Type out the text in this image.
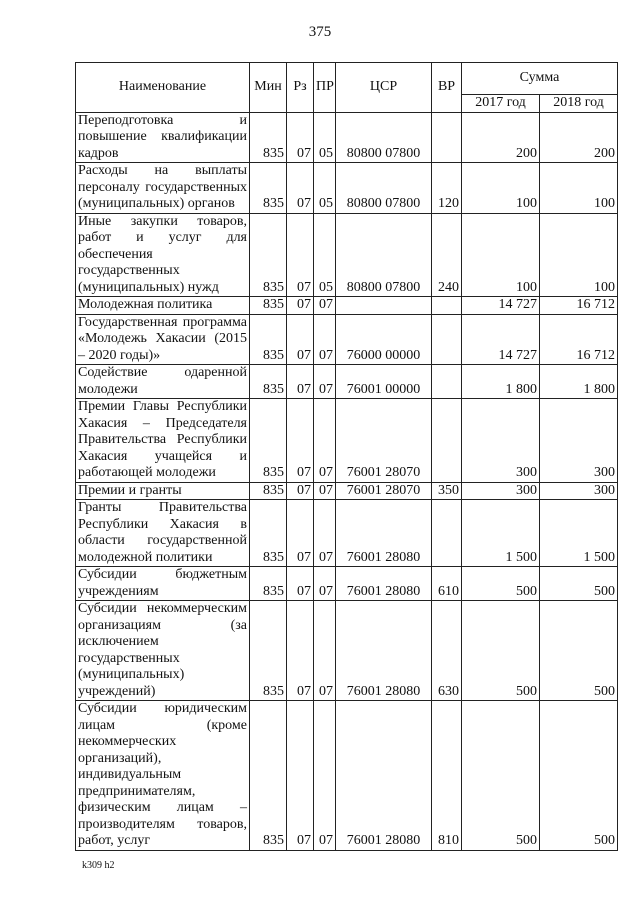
375
Наименование	Мин	Рз	ПР	ЦСР	ВР	Сумма	
						2017 год	2018 год
Переподготовка и повышение квалификации кадров	835	07	05	80800 07800		200	200
Расходы на выплаты персоналу государственных (муниципальных) органов	835	07	05	80800 07800	120	100	100
Иные закупки товаров, работ и услуг для обеспечения государственных (муниципальных) нужд	835	07	05	80800 07800	240	100	100
Молодежная политика	835	07	07			14 727	16 712
Государственная программа «Молодежь Хакасии (2015 – 2020 годы)»	835	07	07	76000 00000		14 727	16 712
Содействие одаренной молодежи	835	07	07	76001 00000		1 800	1 800
Премии Главы Республики Хакасия – Председателя Правительства Республики Хакасия учащейся и работающей молодежи	835	07	07	76001 28070		300	300
Премии и гранты	835	07	07	76001 28070	350	300	300
Гранты Правительства Республики Хакасия в области государственной молодежной политики	835	07	07	76001 28080		1 500	1 500
Субсидии бюджетным учреждениям	835	07	07	76001 28080	610	500	500
Субсидии некоммерческим организациям (за исключением государственных (муниципальных) учреждений)	835	07	07	76001 28080	630	500	500
Субсидии юридическим лицам (кроме некоммерческих организаций), индивидуальным предпринимателям, физическим лицам – производителям товаров, работ, услуг	835	07	07	76001 28080	810	500	500
k309 h2
